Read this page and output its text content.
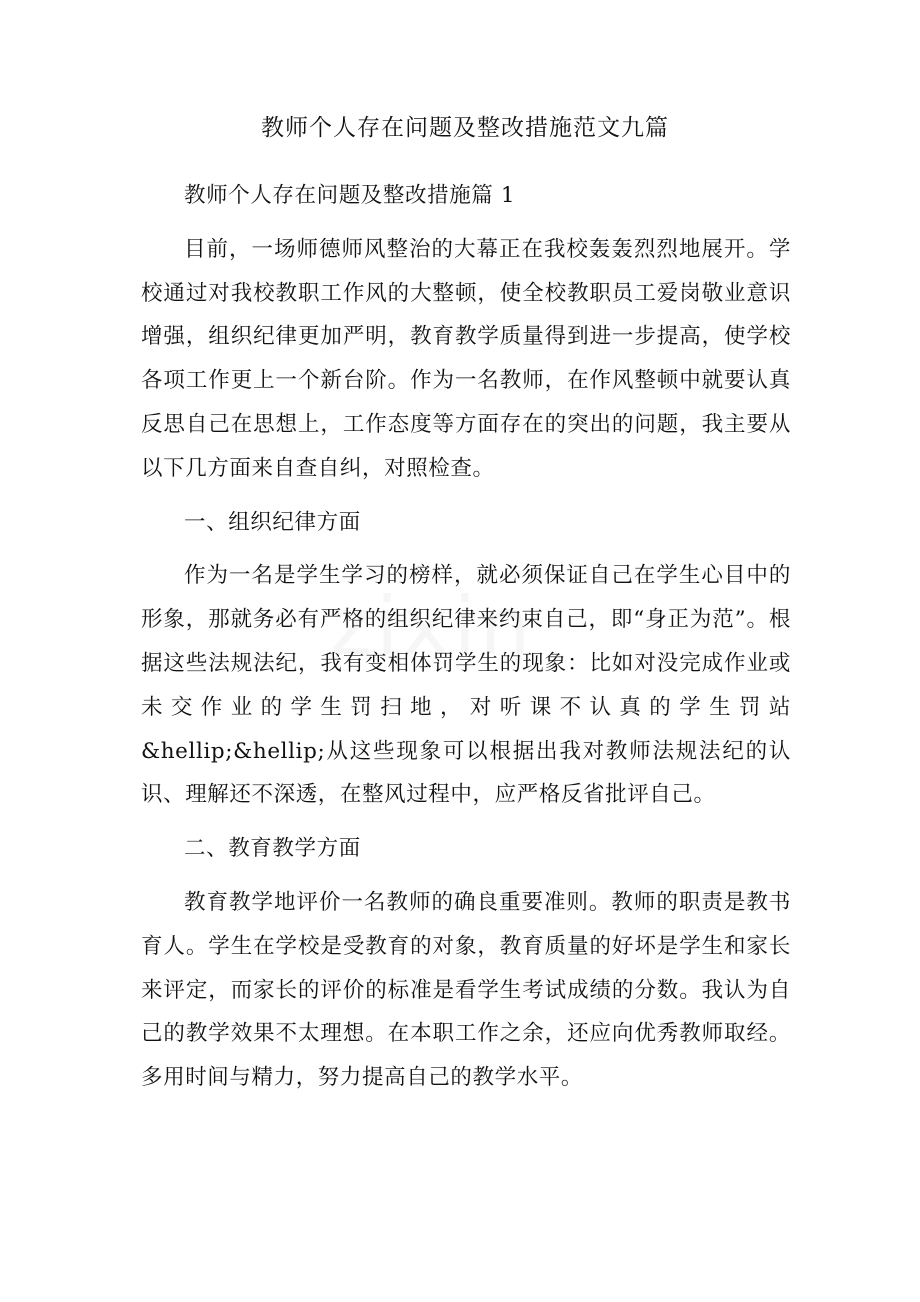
教师个人存在问题及整改措施范文九篇

教师个人存在问题及整改措施篇 1

目前，一场师德师风整治的大幕正在我校轰轰烈烈地展开。学校通过对我校教职工作风的大整顿，使全校教职员工爱岗敬业意识增强，组织纪律更加严明，教育教学质量得到进一步提高，使学校各项工作更上一个新台阶。作为一名教师，在作风整顿中就要认真反思自己在思想上，工作态度等方面存在的突出的问题，我主要从以下几方面来自查自纠，对照检查。

一、组织纪律方面

作为一名是学生学习的榜样，就必须保证自己在学生心目中的形象，那就务必有严格的组织纪律来约束自己，即“身正为范”。根据这些法规法纪，我有变相体罚学生的现象：比如对没完成作业或未交作业的学生罚扫地，对听课不认真的学生罚站&hellip;&hellip;从这些现象可以根据出我对教师法规法纪的认识、理解还不深透，在整风过程中，应严格反省批评自己。

二、教育教学方面

教育教学地评价一名教师的确良重要准则。教师的职责是教书育人。学生在学校是受教育的对象，教育质量的好坏是学生和家长来评定，而家长的评价的标准是看学生考试成绩的分数。我认为自己的教学效果不太理想。在本职工作之余，还应向优秀教师取经。多用时间与精力，努力提高自己的教学水平。
